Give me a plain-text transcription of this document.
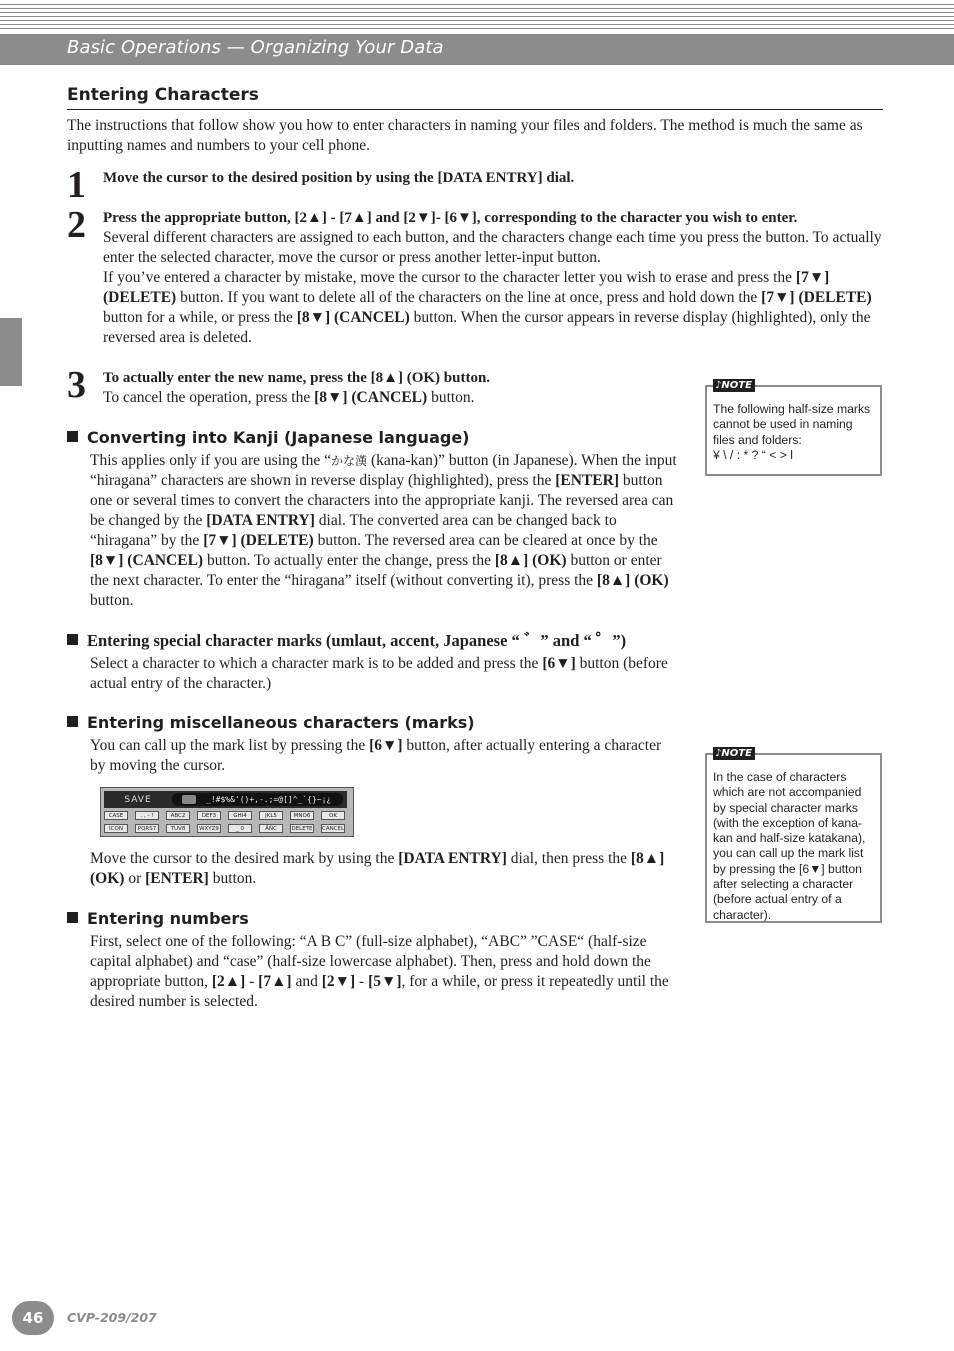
Basic Operations — Organizing Your Data
Entering Characters

The instructions that follow show you how to enter characters in naming your files and folders. The method is much the same as inputting names and numbers to your cell phone.

1 Move the cursor to the desired position by using the [DATA ENTRY] dial.

2 Press the appropriate button, [2▲] - [7▲] and [2▼]- [6▼], corresponding to the character you wish to enter.
Several different characters are assigned to each button, and the characters change each time you press the button. To actually enter the selected character, move the cursor or press another letter-input button.
If you’ve entered a character by mistake, move the cursor to the character letter you wish to erase and press the [7▼] (DELETE) button. If you want to delete all of the characters on the line at once, press and hold down the [7▼] (DELETE) button for a while, or press the [8▼] (CANCEL) button. When the cursor appears in reverse display (highlighted), only the reversed area is deleted.
3 To actually enter the new name, press the [8▲] (OK) button.
To cancel the operation, press the [8▼] (CANCEL) button.
Converting into Kanji (Japanese language)

This applies only if you are using the “かな漢 (kana-kan)” button (in Japanese). When the input “hiragana” characters are shown in reverse display (highlighted), press the [ENTER] button one or several times to convert the characters into the appropriate kanji. The reversed area can be changed by the [DATA ENTRY] dial. The converted area can be changed back to “hiragana” by the [7▼] (DELETE) button. The reversed area can be cleared at once by the [8▼] (CANCEL) button. To actually enter the change, press the [8▲] (OK) button or enter the next character. To enter the “hiragana” itself (without converting it), press the [8▲] (OK) button.

Entering special character marks (umlaut, accent, Japanese “ ゛” and “ ゜”)

Select a character to which a character mark is to be added and press the [6▼] button (before actual entry of the character.)

Entering miscellaneous characters (marks)

You can call up the mark list by pressing the [6▼] button, after actually entering a character by moving the cursor.

SAVE	_!#$%&'()+,-.;=@[]^_`{}~¡¿
CASE	. , - !	ABC2	DEF3	GHI4	JKL5	MNO6	OK
ICON	PQRS7	TUV8	WXYZ9	_ 0	ÄÑC	DELETE CANCEL

Move the cursor to the desired mark by using the [DATA ENTRY] dial, then press the [8▲] (OK) or [ENTER] button.

Entering numbers

First, select one of the following: “A B C” (full-size alphabet), “ABC” ”CASE“ (half-size capital alphabet) and “case” (half-size lowercase alphabet). Then, press and hold down the appropriate button, [2▲] - [7▲] and [2▼] - [5▼], for a while, or press it repeatedly until the desired number is selected.

♪NOTE
The following half-size marks cannot be used in naming files and folders:
¥ \ / : * ? “ < > l
♪NOTE
In the case of characters which are not accompanied by special character marks (with the exception of kana-kan and half-size katakana), you can call up the mark list by pressing the [6▼] button after selecting a character (before actual entry of a character).
46	CVP-209/207
